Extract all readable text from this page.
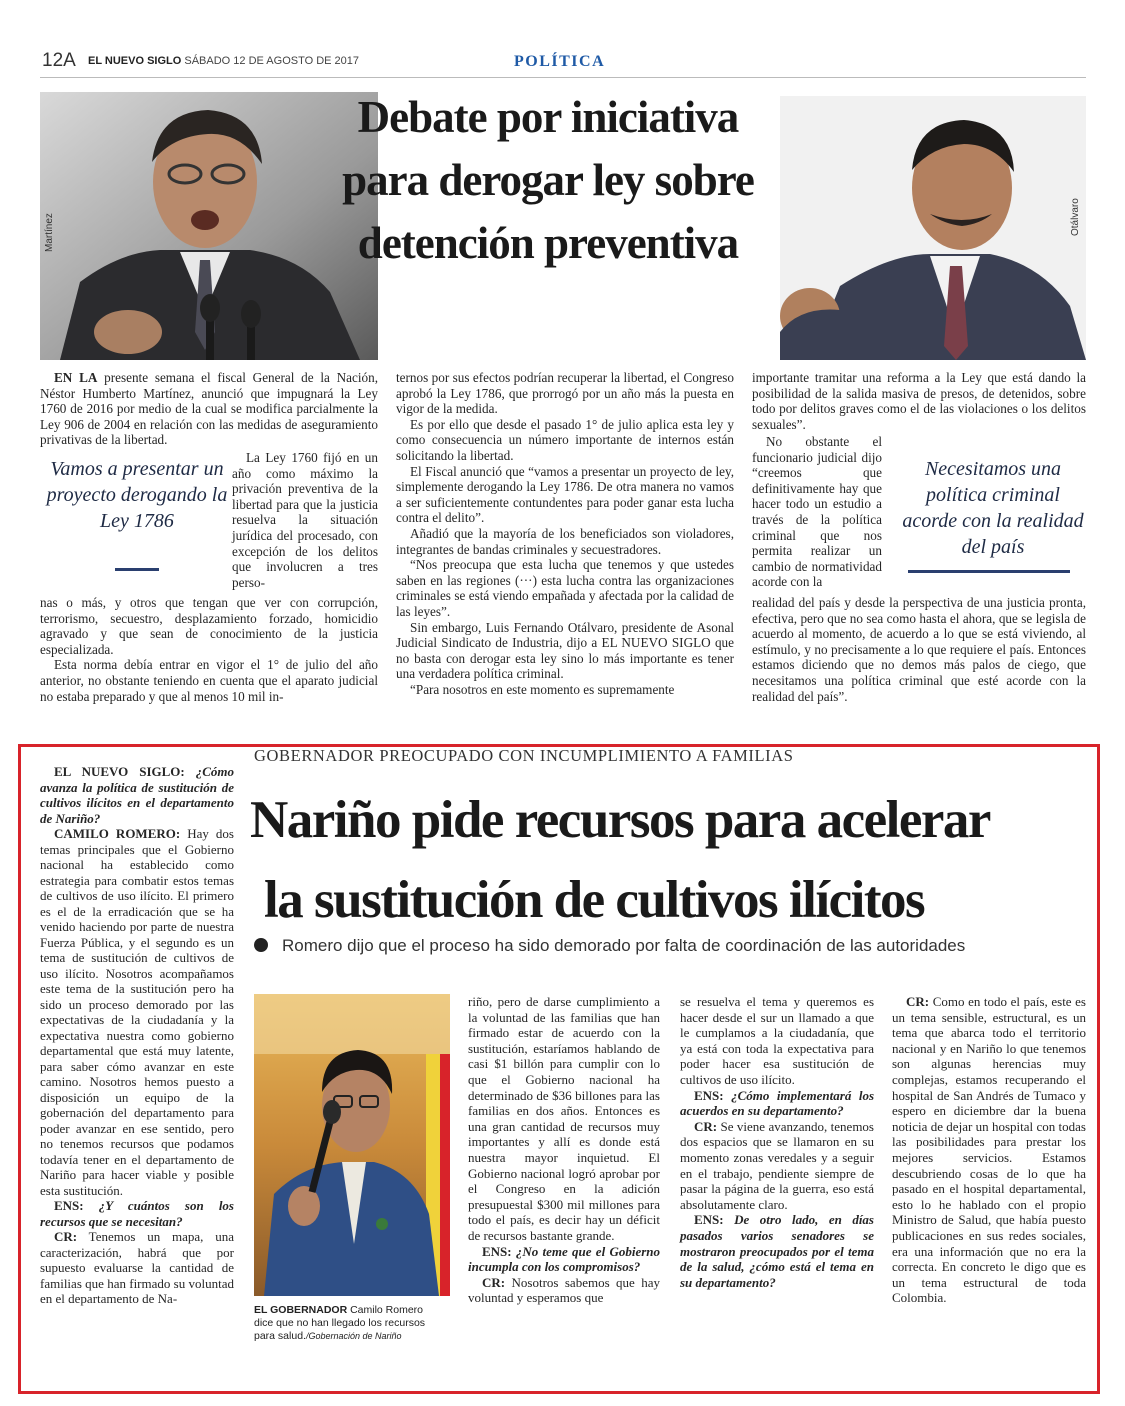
12A EL NUEVO SIGLO SÁBADO 12 DE AGOSTO DE 2017	POLÍTICA
Martínez	Otálvaro
Debate por iniciativa para derogar ley sobre detención preventiva

EN LA presente semana el fiscal General de la Nación, Néstor Humberto Martínez, anunció que impugnará la Ley 1760 de 2016 por medio de la cual se modifica parcialmente la Ley 906 de 2004 en relación con las medidas de aseguramiento privativas de la libertad.

Vamos a presentar un proyecto derogando la Ley 1786
La Ley 1760 fijó en un año como máximo la privación preventiva de la libertad para que la justicia resuelva la situación jurídica del procesado, con excepción de los delitos que involucren a tres perso-

nas o más, y otros que tengan que ver con corrupción, terrorismo, secuestro, desplazamiento forzado, homicidio agravado y que sean de conocimiento de la justicia especializada.

Esta norma debía entrar en vigor el 1° de julio del año anterior, no obstante teniendo en cuenta que el aparato judicial no estaba preparado y que al menos 10 mil in-

ternos por sus efectos podrían recuperar la libertad, el Congreso aprobó la Ley 1786, que prorrogó por un año más la puesta en vigor de la medida.

Es por ello que desde el pasado 1° de julio aplica esta ley y como consecuencia un número importante de internos están solicitando la libertad.

El Fiscal anunció que “vamos a presentar un proyecto de ley, simplemente derogando la Ley 1786. De otra manera no vamos a ser suficientemente contundentes para poder ganar esta lucha contra el delito”.

Añadió que la mayoría de los beneficiados son violadores, integrantes de bandas criminales y secuestradores.

“Nos preocupa que esta lucha que tenemos y que ustedes saben en las regiones (···) esta lucha contra las organizaciones criminales se está viendo empañada y afectada por la calidad de las leyes”.

Sin embargo, Luis Fernando Otálvaro, presidente de Asonal Judicial Sindicato de Industria, dijo a EL NUEVO SIGLO que no basta con derogar esta ley sino lo más importante es tener una verdadera política criminal.

“Para nosotros en este momento es supremamente

importante tramitar una reforma a la Ley que está dando la posibilidad de la salida masiva de presos, de detenidos, sobre todo por delitos graves como el de las violaciones o los delitos sexuales”.

No obstante el funcionario judicial dijo “creemos que definitivamente hay que hacer todo un estudio a través de la política criminal que nos permita realizar un cambio de normatividad acorde con la
Necesitamos una política criminal acorde con la realidad del país

realidad del país y desde la perspectiva de una justicia pronta, efectiva, pero que no sea como hasta el ahora, que se legisla de acuerdo al momento, de acuerdo a lo que se está viviendo, al estímulo, y no precisamente a lo que requiere el país. Entonces estamos diciendo que no demos más palos de ciego, que necesitamos una política criminal que esté acorde con la realidad del país”.

GOBERNADOR PREOCUPADO CON INCUMPLIMIENTO A FAMILIAS
Nariño pide recursos para acelerar
la sustitución de cultivos ilícitos
Romero dijo que el proceso ha sido demorado por falta de coordinación de las autoridades

EL NUEVO SIGLO: ¿Cómo avanza la política de sustitución de cultivos ilícitos en el departamento de Nariño?

CAMILO ROMERO: Hay dos temas principales que el Gobierno nacional ha establecido como estrategia para combatir estos temas de cultivos de uso ilícito. El primero es el de la erradicación que se ha venido haciendo por parte de nuestra Fuerza Pública, y el segundo es un tema de sustitución de cultivos de uso ilícito. Nosotros acompañamos este tema de la sustitución pero ha sido un proceso demorado por las expectativas de la ciudadanía y la expectativa nuestra como gobierno departamental que está muy latente, para saber cómo avanzar en este camino. Nosotros hemos puesto a disposición un equipo de la gobernación del departamento para poder avanzar en ese sentido, pero no tenemos recursos que podamos todavía tener en el departamento de Nariño para hacer viable y posible esta sustitución.

ENS: ¿Y cuántos son los recursos que se necesitan?

CR: Tenemos un mapa, una caracterización, habrá que por supuesto evaluarse la cantidad de familias que han firmado su voluntad en el departamento de Na-

EL GOBERNADOR Camilo Romero dice que no han llegado los recursos para salud./Gobernación de Nariño

riño, pero de darse cumplimiento a la voluntad de las familias que han firmado estar de acuerdo con la sustitución, estaríamos hablando de casi $1 billón para cumplir con lo que el Gobierno nacional ha determinado de $36 billones para las familias en dos años. Entonces es una gran cantidad de recursos muy importantes y allí es donde está nuestra mayor inquietud. El Gobierno nacional logró aprobar por el Congreso en la adición presupuestal $300 mil millones para todo el país, es decir hay un déficit de recursos bastante grande.

ENS: ¿No teme que el Gobierno incumpla con los compromisos?

CR: Nosotros sabemos que hay voluntad y esperamos que

se resuelva el tema y queremos es hacer desde el sur un llamado a que le cumplamos a la ciudadanía, que ya está con toda la expectativa para poder hacer esa sustitución de cultivos de uso ilícito.

ENS: ¿Cómo implementará los acuerdos en su departamento?

CR: Se viene avanzando, tenemos dos espacios que se llamaron en su momento zonas veredales y a seguir en el trabajo, pendiente siempre de pasar la página de la guerra, eso está absolutamente claro.

ENS: De otro lado, en días pasados varios senadores se mostraron preocupados por el tema de la salud, ¿cómo está el tema en su departamento?

CR: Como en todo el país, este es un tema sensible, estructural, es un tema que abarca todo el territorio nacional y en Nariño lo que tenemos son algunas herencias muy complejas, estamos recuperando el hospital de San Andrés de Tumaco y espero en diciembre dar la buena noticia de dejar un hospital con todas las posibilidades para prestar los mejores servicios. Estamos descubriendo cosas de lo que ha pasado en el hospital departamental, esto lo he hablado con el propio Ministro de Salud, que había puesto publicaciones en sus redes sociales, era una información que no era la correcta. En concreto le digo que es un tema estructural de toda Colombia.
